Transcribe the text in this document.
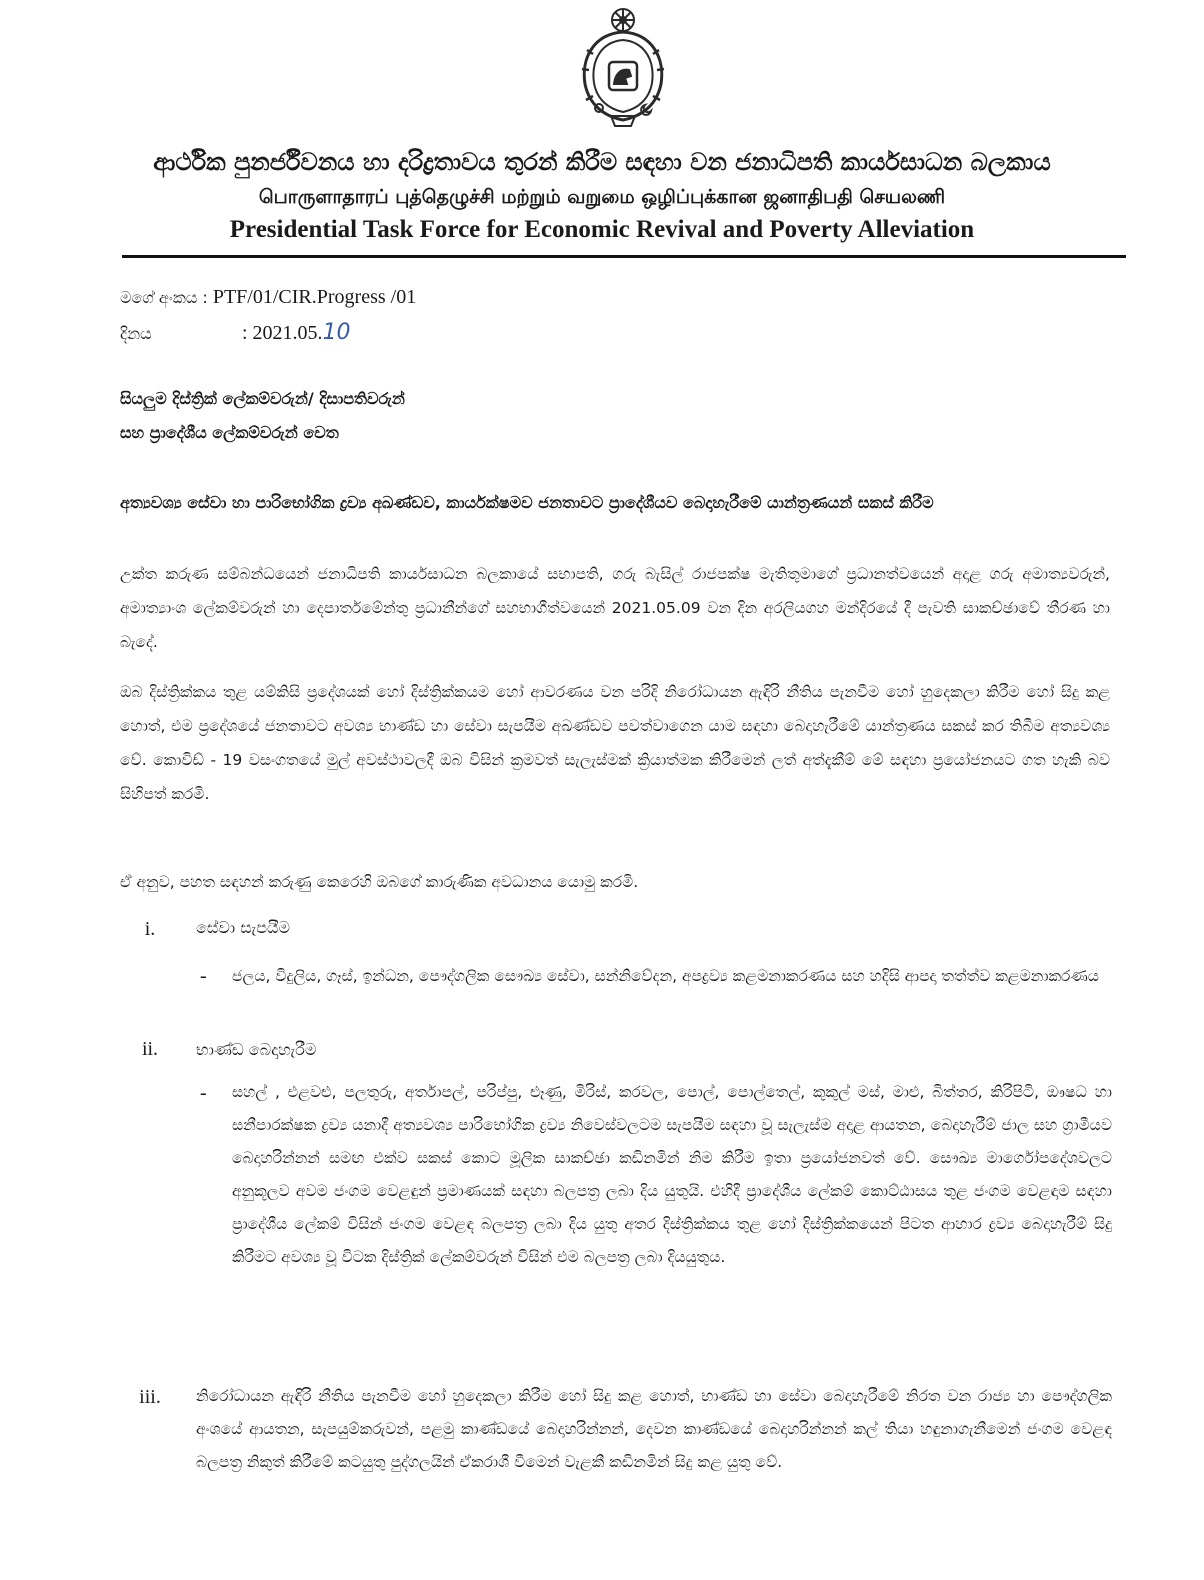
ආර්ථික පුනර්ජීවනය හා දරිද්‍රතාවය තුරන් කිරීම සඳහා වන ජනාධිපති කාර්යසාධන බලකාය
பொருளாதாரப் புத்தெழுச்சி மற்றும் வறுமை ஒழிப்புக்கான ஜனாதிபதி செயலணி
Presidential Task Force for Economic Revival and Poverty Alleviation
මගේ අංකය : PTF/01/CIR.Progress /01
දිනය	: 2021.05.10
සියලුම දිස්ත්‍රික් ලේකම්වරුන්/ දිසාපතිවරුන්
සහ ප්‍රාදේශීය ලේකම්වරුන් වෙත
අත්‍යවශ්‍ය සේවා හා පාරිභෝගික ද්‍රව්‍ය අඛණ්ඩව, කාර්යක්ෂමව ජනතාවට ප්‍රාදේශීයව බෙදාහැරීමේ යාන්ත්‍රණයන් සකස් කිරීම
උක්ත කරුණ සම්බන්ධයෙන් ජනාධිපති කාර්යසාධන බලකායේ සභාපති, ගරු බැසිල් රාජපක්ෂ මැතිතුමාගේ ප්‍රධානත්වයෙන් අදාළ ගරු අමාත්‍යවරුන්, අමාත්‍යාංශ ලේකම්වරුන් හා දෙපාර්තමේන්තු ප්‍රධානීන්ගේ සහභාගීත්වයෙන් 2021.05.09 වන දින අරලියගහ මන්දිරයේ දී පැවති සාකච්ඡාවේ තීරණ හා බැදේ.
ඔබ දිස්ත්‍රික්කය තුළ යම්කිසි ප්‍රදේශයක් හෝ දිස්ත්‍රික්කයම හෝ ආවරණය වන පරිදි නිරෝධායන ඇඳිරි නීතිය පැනවීම හෝ හුදෙකලා කිරීම හෝ සිදු කළ හොත්, එම ප්‍රදේශයේ ජනතාවට අවශ්‍ය භාණ්ඩ හා සේවා සැපයීම අඛණ්ඩව පවත්වාගෙන යාම සඳහා බෙදාහැරීමේ යාන්ත්‍රණය සකස් කර තිබීම අත්‍යවශ්‍ය වේ. කොවිඩ් - 19 වසංගතයේ මුල් අවස්ථාවලදී ඔබ විසින් ක්‍රමවත් සැලැස්මක් ක්‍රියාත්මක කිරීමෙන් ලත් අත්දැකීම් මේ සඳහා ප්‍රයෝජනයට ගත හැකි බව සිහිපත් කරමි.
ඒ අනුව, පහත සඳහන් කරුණු කෙරෙහි ඔබගේ කාරුණික අවධානය යොමු කරමි.
i.	සේවා සැපයීම
- ජලය, විදුලිය, ගෑස්, ඉන්ධන, පෞද්ගලික සෞඛ්‍ය සේවා, සන්නිවේදන, අපද්‍රව්‍ය කළමනාකරණය සහ හදිසි ආපදා තත්ත්ව කළමනාකරණය
ii.	භාණ්ඩ බෙදාහැරීම
- සහල් , එළවළු, පලතුරු, අර්තාපල්, පරිප්පු, ළූණු, මිරිස්, කරවල, පොල්, පොල්තෙල්, කුකුල් මස්, මාළු, බිත්තර, කිරිපිටි, ඖෂධ හා සනීපාරක්ෂක ද්‍රව්‍ය යනාදී අත්‍යවශ්‍ය පාරිභෝගික ද්‍රව්‍ය නිවෙස්වලටම සැපයීම සඳහා වූ සැලැස්ම අදාළ ආයතන, බෙදාහැරීම් ජාල සහ ග්‍රාමීයව බෙදාහරින්නන් සමඟ එක්ව සකස් කොට මූලික සාකච්ඡා කඩිනමින් නිම කිරීම ඉතා ප්‍රයෝජනවත් වේ. සෞඛ්‍ය මාර්ගෝපදේශවලට අනුකූලව අවම ජංගම වෙළඳුන් ප්‍රමාණයක් සඳහා බලපත්‍ර ලබා දිය යුතුයි. එහිදී ප්‍රාදේශීය ලේකම් කොට්ඨාසය තුළ ජංගම වෙළඳාම සඳහා ප්‍රාදේශීය ලේකම් විසින් ජංගම වෙළඳ බලපත්‍ර ලබා දිය යුතු අතර දිස්ත්‍රික්කය තුළ හෝ දිස්ත්‍රික්කයෙන් පිටත ආහාර ද්‍රව්‍ය බෙදාහැරීම් සිදු කිරීමට අවශ්‍ය වූ විටක දිස්ත්‍රික් ලේකම්වරුන් විසින් එම බලපත්‍ර ලබා දියයුතුය.
iii.	නිරෝධායන ඇඳිරි නීතිය පැනවීම හෝ හුදෙකලා කිරීම හෝ සිදු කළ හොත්, භාණ්ඩ හා සේවා බෙදාහැරීමේ නිරත වන රාජ්‍ය හා පෞද්ගලික අංශයේ ආයතන, සැපයුම්කරුවන්, පළමු කාණ්ඩයේ බෙදාහරින්නන්, දෙවන කාණ්ඩයේ බෙදාහරින්නන් කල් තියා හඳුනාගැනීමෙන් ජංගම වෙළඳ බලපත්‍ර නිකුත් කිරීමේ කටයුතු පුද්ගලයින් ඒකරාශී වීමෙන් වැළකී කඩිනමින් සිදු කළ යුතු වේ.
